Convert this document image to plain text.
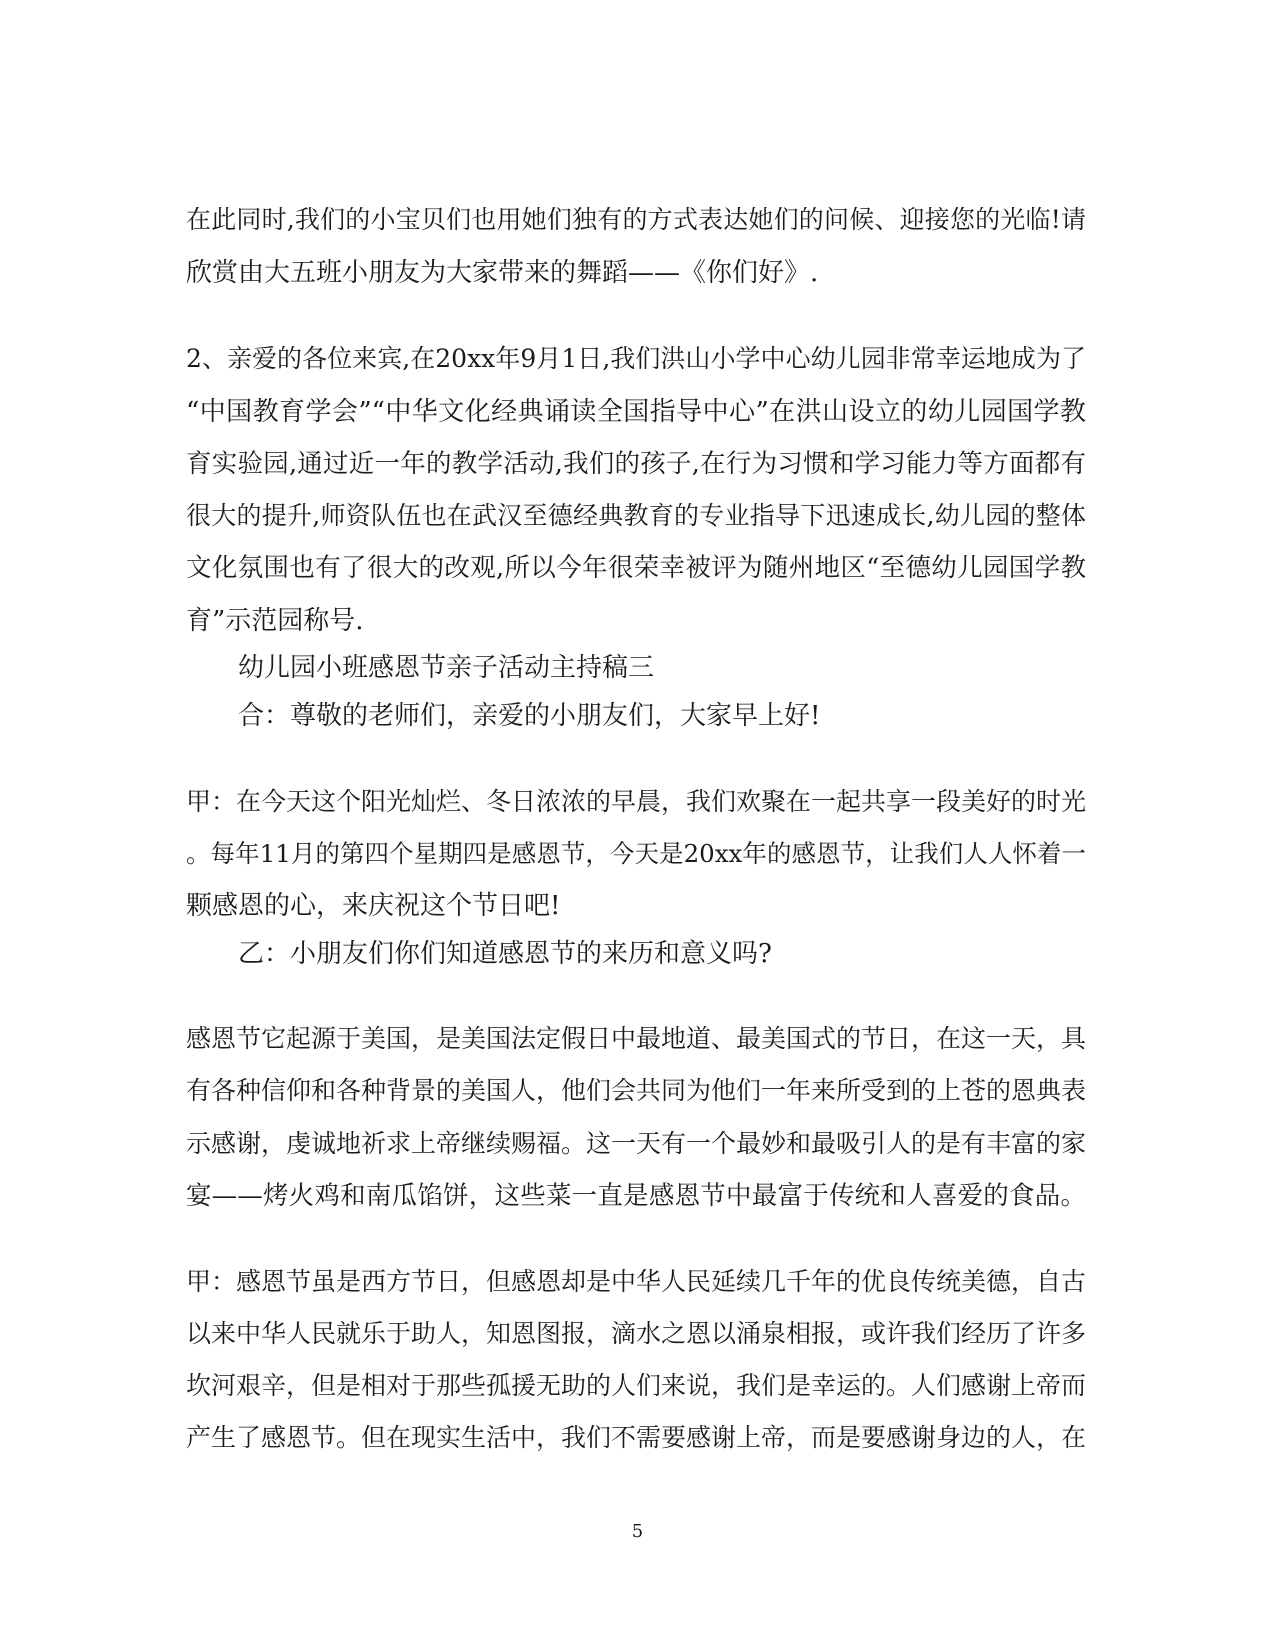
在此同时,我们的小宝贝们也用她们独有的方式表达她们的问候、迎接您的光临!请
欣赏由大五班小朋友为大家带来的舞蹈——《你们好》.
2、亲爱的各位来宾,在20xx年9月1日,我们洪山小学中心幼儿园非常幸运地成为了
“中国教育学会”“中华文化经典诵读全国指导中心”在洪山设立的幼儿园国学教
育实验园,通过近一年的教学活动,我们的孩子,在行为习惯和学习能力等方面都有
很大的提升,师资队伍也在武汉至德经典教育的专业指导下迅速成长,幼儿园的整体
文化氛围也有了很大的改观,所以今年很荣幸被评为随州地区“至德幼儿园国学教
育”示范园称号.
幼儿园小班感恩节亲子活动主持稿三
合：尊敬的老师们，亲爱的小朋友们，大家早上好!
甲：在今天这个阳光灿烂、冬日浓浓的早晨，我们欢聚在一起共享一段美好的时光
。每年11月的第四个星期四是感恩节，今天是20xx年的感恩节，让我们人人怀着一
颗感恩的心，来庆祝这个节日吧!
乙：小朋友们你们知道感恩节的来历和意义吗?
感恩节它起源于美国，是美国法定假日中最地道、最美国式的节日，在这一天，具
有各种信仰和各种背景的美国人，他们会共同为他们一年来所受到的上苍的恩典表
示感谢，虔诚地祈求上帝继续赐福。这一天有一个最妙和最吸引人的是有丰富的家
宴——烤火鸡和南瓜馅饼，这些菜一直是感恩节中最富于传统和人喜爱的食品。
甲：感恩节虽是西方节日，但感恩却是中华人民延续几千年的优良传统美德，自古
以来中华人民就乐于助人，知恩图报，滴水之恩以涌泉相报，或许我们经历了许多
坎河艰辛，但是相对于那些孤援无助的人们来说，我们是幸运的。人们感谢上帝而
产生了感恩节。但在现实生活中，我们不需要感谢上帝，而是要感谢身边的人，在
5
